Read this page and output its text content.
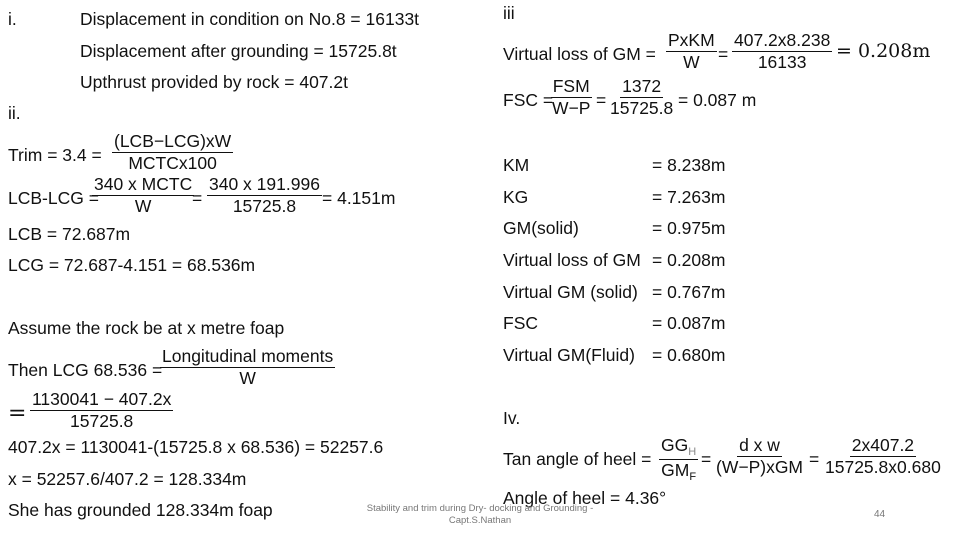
i.	Displacement in condition on No.8 = 16133t
Displacement after grounding = 15725.8t
Upthrust provided by rock = 407.2t
ii.
Trim = 3.4 =
(LCB−LCG)xW
MCTCx100
LCB-LCG =
340 x MCTC
$W = \frac{340 x 191.996}{15725.8} = 4.151m$
LCB = 72.687m
LCG = 72.687-4.151 = 68.536m
Assume the rock be at x metre foap
Then LCG 68.536 =
Longitudinal moments
W
= $\frac{1130041 - 407.2x}{15725.8}$
407.2x = 1130041-(15725.8 x 68.536) = 52257.6
x = 52257.6/407.2 = 128.334m
She has grounded 128.334m foap
iii
Virtual loss of GM =
PxKM
$W = \frac{407.2x8.238}{16133} = 0.208m$
FSC =
FSM
$W-P = \frac{1372}{15725.8} = 0.087$ m
KM	= 8.238m
KG	= 7.263m
GM(solid)	= 0.975m
Virtual loss of GM = 0.208m
Virtual GM (solid) = 0.767m
FSC	= 0.087m
Virtual GM(Fluid) = 0.680m
Iv.
Tan angle of heel =
$GG_H$
$GM_F$
=
d x w
$(W-P)xGM = \frac{2x407.2}{15725.8x0.680}$
Angle of heel = 4.36°
Stability and trim during Dry- docking and Grounding -
Capt.S.Nathan
44
